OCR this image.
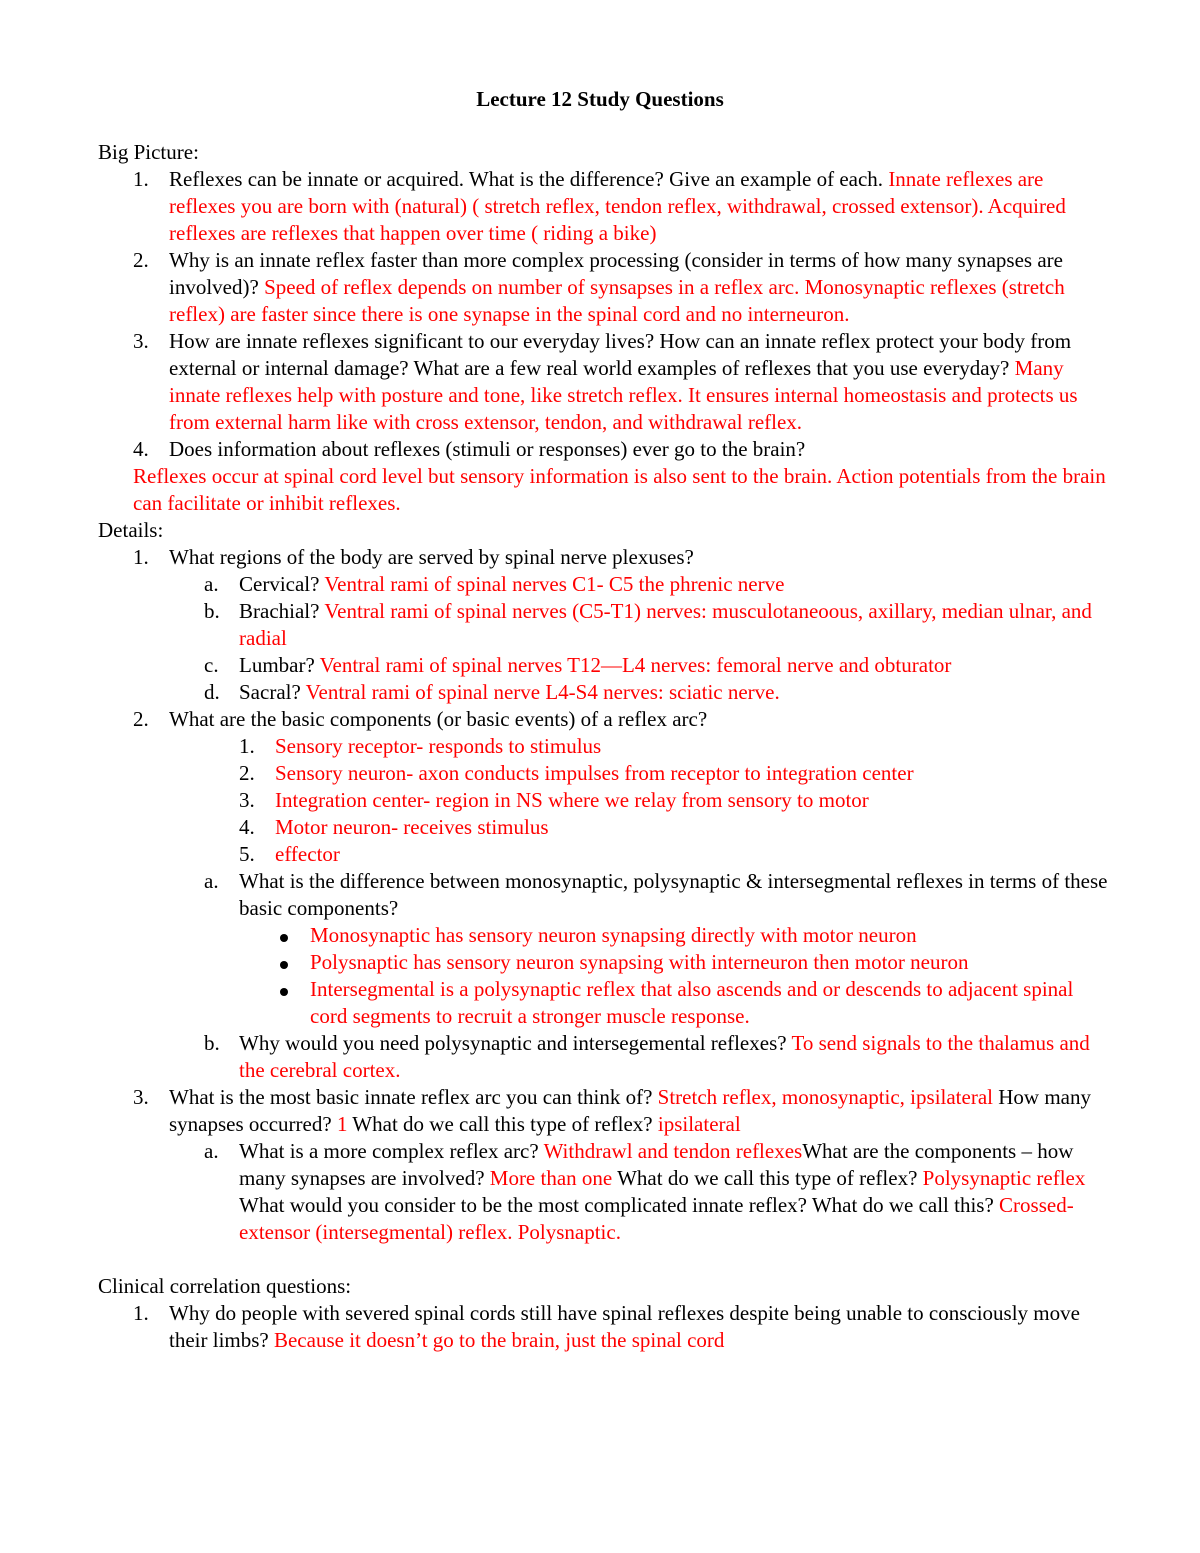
Lecture 12 Study Questions

Big Picture:

1. Reflexes can be innate or acquired. What is the difference? Give an example of each. Innate reflexes are reflexes you are born with (natural) ( stretch reflex, tendon reflex, withdrawal, crossed extensor). Acquired reflexes are reflexes that happen over time ( riding a bike)
2. Why is an innate reflex faster than more complex processing (consider in terms of how many synapses are involved)? Speed of reflex depends on number of synsapses in a reflex arc. Monosynaptic reflexes (stretch reflex) are faster since there is one synapse in the spinal cord and no interneuron.
3. How are innate reflexes significant to our everyday lives? How can an innate reflex protect your body from external or internal damage? What are a few real world examples of reflexes that you use everyday? Many innate reflexes help with posture and tone, like stretch reflex. It ensures internal homeostasis and protects us from external harm like with cross extensor, tendon, and withdrawal reflex.
4. Does information about reflexes (stimuli or responses) ever go to the brain?

Reflexes occur at spinal cord level but sensory information is also sent to the brain. Action potentials from the brain can facilitate or inhibit reflexes.

Details:

1. What regions of the body are served by spinal nerve plexuses?
a. Cervical? Ventral rami of spinal nerves C1- C5 the phrenic nerve
b. Brachial? Ventral rami of spinal nerves (C5-T1) nerves: musculotaneoous, axillary, median ulnar, and radial
c. Lumbar? Ventral rami of spinal nerves T12—L4 nerves: femoral nerve and obturator
d. Sacral? Ventral rami of spinal nerve L4-S4 nerves: sciatic nerve.
2. What are the basic components (or basic events) of a reflex arc?
1. Sensory receptor- responds to stimulus
2. Sensory neuron- axon conducts impulses from receptor to integration center
3. Integration center- region in NS where we relay from sensory to motor
4. Motor neuron- receives stimulus
5. effector
a. What is the difference between monosynaptic, polysynaptic & intersegmental reflexes in terms of these basic components?
Monosynaptic has sensory neuron synapsing directly with motor neuron
Polysnaptic has sensory neuron synapsing with interneuron then motor neuron
Intersegmental is a polysynaptic reflex that also ascends and or descends to adjacent spinal cord segments to recruit a stronger muscle response.
b. Why would you need polysynaptic and intersegemental reflexes? To send signals to the thalamus and the cerebral cortex.
3. What is the most basic innate reflex arc you can think of? Stretch reflex, monosynaptic, ipsilateral How many synapses occurred? 1 What do we call this type of reflex? ipsilateral
a. What is a more complex reflex arc? Withdrawl and tendon reflexesWhat are the components – how many synapses are involved? More than one What do we call this type of reflex? Polysynaptic reflex What would you consider to be the most complicated innate reflex? What do we call this? Crossed-extensor (intersegmental) reflex. Polysnaptic.

Clinical correlation questions:

1. Why do people with severed spinal cords still have spinal reflexes despite being unable to consciously move their limbs? Because it doesn’t go to the brain, just the spinal cord
